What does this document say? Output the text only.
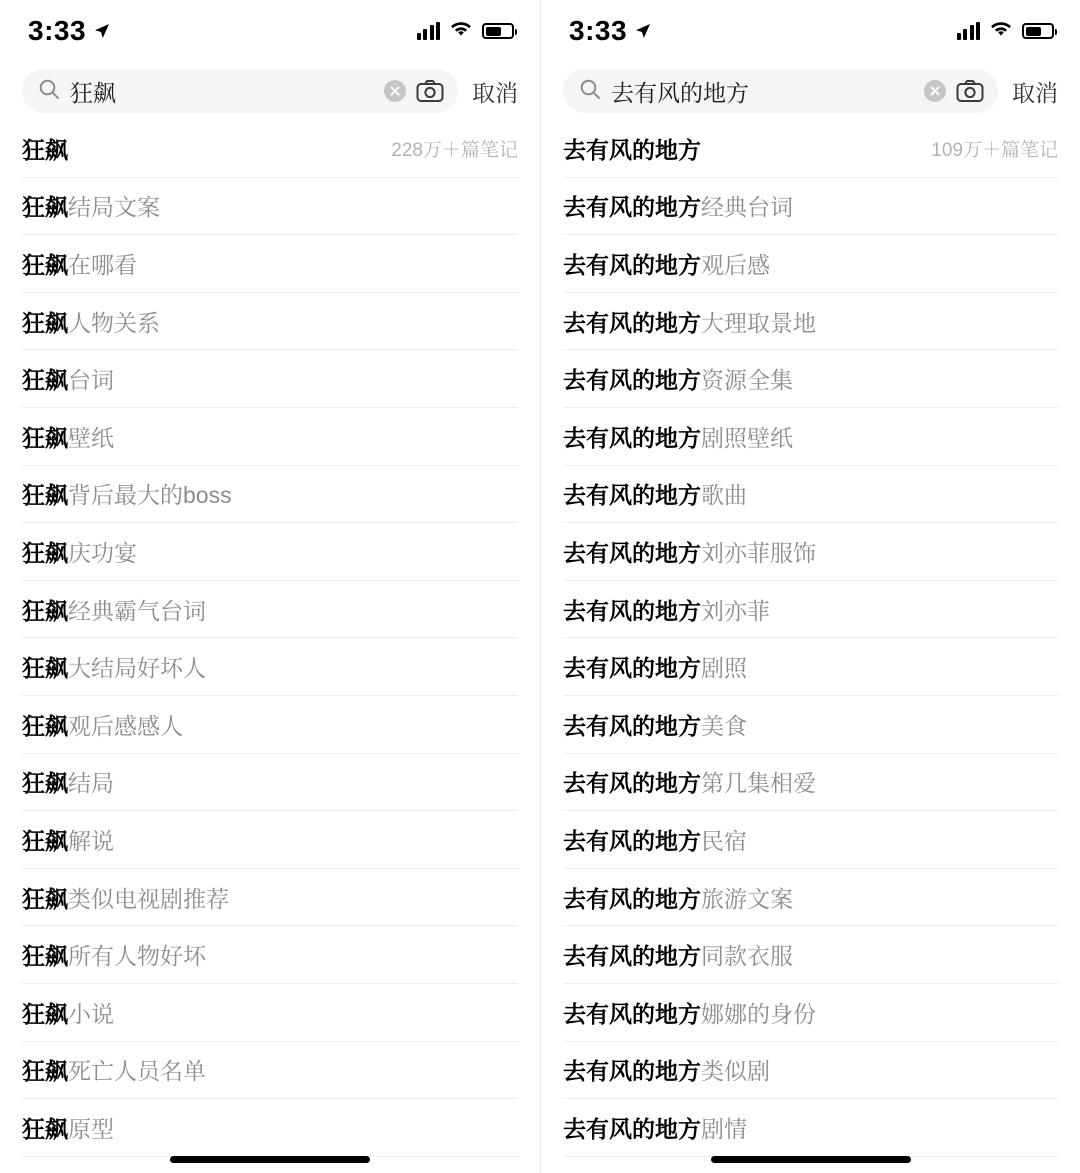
3:33
狂飙	取消
狂飙	228万＋篇笔记
狂飙结局文案
狂飙在哪看
狂飙人物关系
狂飙台词
狂飙壁纸
狂飙背后最大的boss
狂飙庆功宴
狂飙经典霸气台词
狂飙大结局好坏人
狂飙观后感感人
狂飙结局
狂飙解说
狂飙类似电视剧推荐
狂飙所有人物好坏
狂飙小说
狂飙死亡人员名单
狂飙原型
3:33
去有风的地方	取消
去有风的地方	109万＋篇笔记
去有风的地方经典台词
去有风的地方观后感
去有风的地方大理取景地
去有风的地方资源全集
去有风的地方剧照壁纸
去有风的地方歌曲
去有风的地方刘亦菲服饰
去有风的地方刘亦菲
去有风的地方剧照
去有风的地方美食
去有风的地方第几集相爱
去有风的地方民宿
去有风的地方旅游文案
去有风的地方同款衣服
去有风的地方娜娜的身份
去有风的地方类似剧
去有风的地方剧情
